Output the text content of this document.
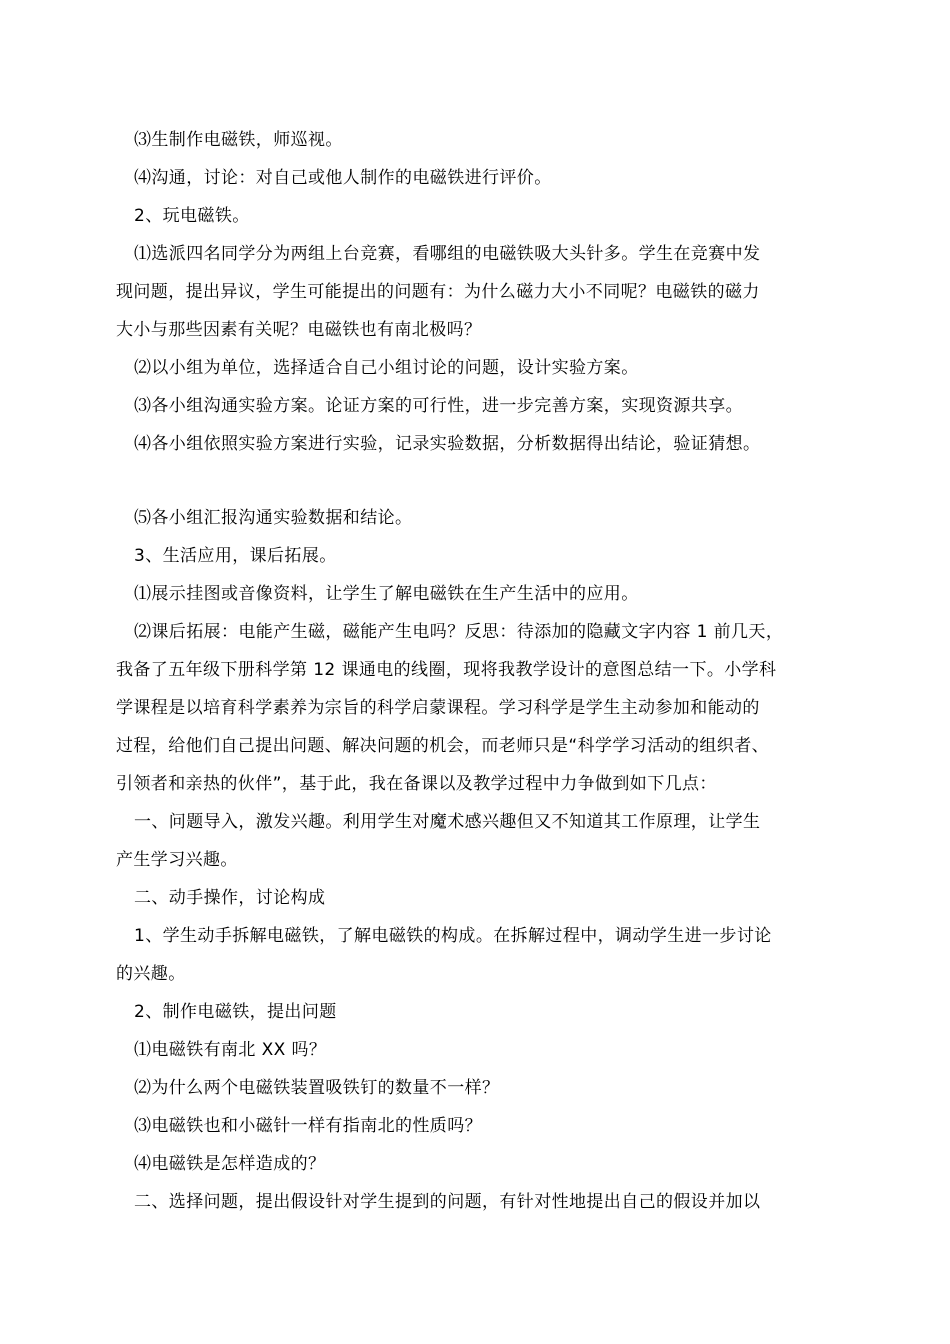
⑶生制作电磁铁，师巡视。
⑷沟通，讨论：对自己或他人制作的电磁铁进行评价。
2、玩电磁铁。
⑴选派四名同学分为两组上台竞赛，看哪组的电磁铁吸大头针多。学生在竞赛中发
现问题，提出异议，学生可能提出的问题有：为什么磁力大小不同呢？电磁铁的磁力
大小与那些因素有关呢？电磁铁也有南北极吗？
⑵以小组为单位，选择适合自己小组讨论的问题，设计实验方案。
⑶各小组沟通实验方案。论证方案的可行性，进一步完善方案，实现资源共享。
⑷各小组依照实验方案进行实验，记录实验数据，分析数据得出结论，验证猜想。
⑸各小组汇报沟通实验数据和结论。
3、生活应用，课后拓展。
⑴展示挂图或音像资料，让学生了解电磁铁在生产生活中的应用。
⑵课后拓展：电能产生磁，磁能产生电吗？反思：待添加的隐藏文字内容 1 前几天，
我备了五年级下册科学第 12 课通电的线圈，现将我教学设计的意图总结一下。小学科
学课程是以培育科学素养为宗旨的科学启蒙课程。学习科学是学生主动参加和能动的
过程，给他们自己提出问题、解决问题的机会，而老师只是“科学学习活动的组织者、
引领者和亲热的伙伴”，基于此，我在备课以及教学过程中力争做到如下几点：
一、问题导入，激发兴趣。利用学生对魔术感兴趣但又不知道其工作原理，让学生
产生学习兴趣。
二、动手操作，讨论构成
1、学生动手拆解电磁铁，了解电磁铁的构成。在拆解过程中，调动学生进一步讨论
的兴趣。
2、制作电磁铁，提出问题
⑴电磁铁有南北 XX 吗？
⑵为什么两个电磁铁装置吸铁钉的数量不一样？
⑶电磁铁也和小磁针一样有指南北的性质吗？
⑷电磁铁是怎样造成的？
二、选择问题，提出假设针对学生提到的问题，有针对性地提出自己的假设并加以
